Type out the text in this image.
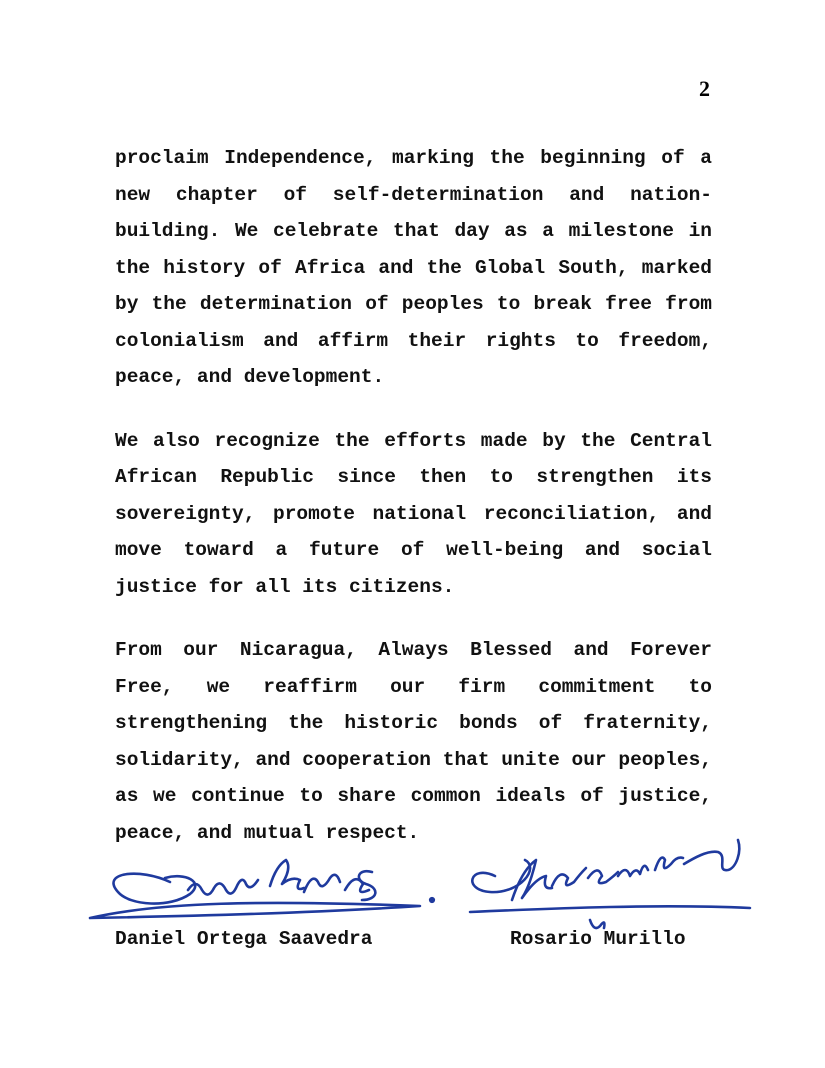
2

proclaim Independence, marking the beginning of a new chapter of self-determination and nation-building. We celebrate that day as a milestone in the history of Africa and the Global South, marked by the determination of peoples to break free from colonialism and affirm their rights to freedom, peace, and development.

We also recognize the efforts made by the Central African Republic since then to strengthen its sovereignty, promote national reconciliation, and move toward a future of well-being and social justice for all its citizens.

From our Nicaragua, Always Blessed and Forever Free, we reaffirm our firm commitment to strengthening the historic bonds of fraternity, solidarity, and cooperation that unite our peoples, as we continue to share common ideals of justice, peace, and mutual respect.

Daniel Ortega Saavedra	Rosario Murillo
